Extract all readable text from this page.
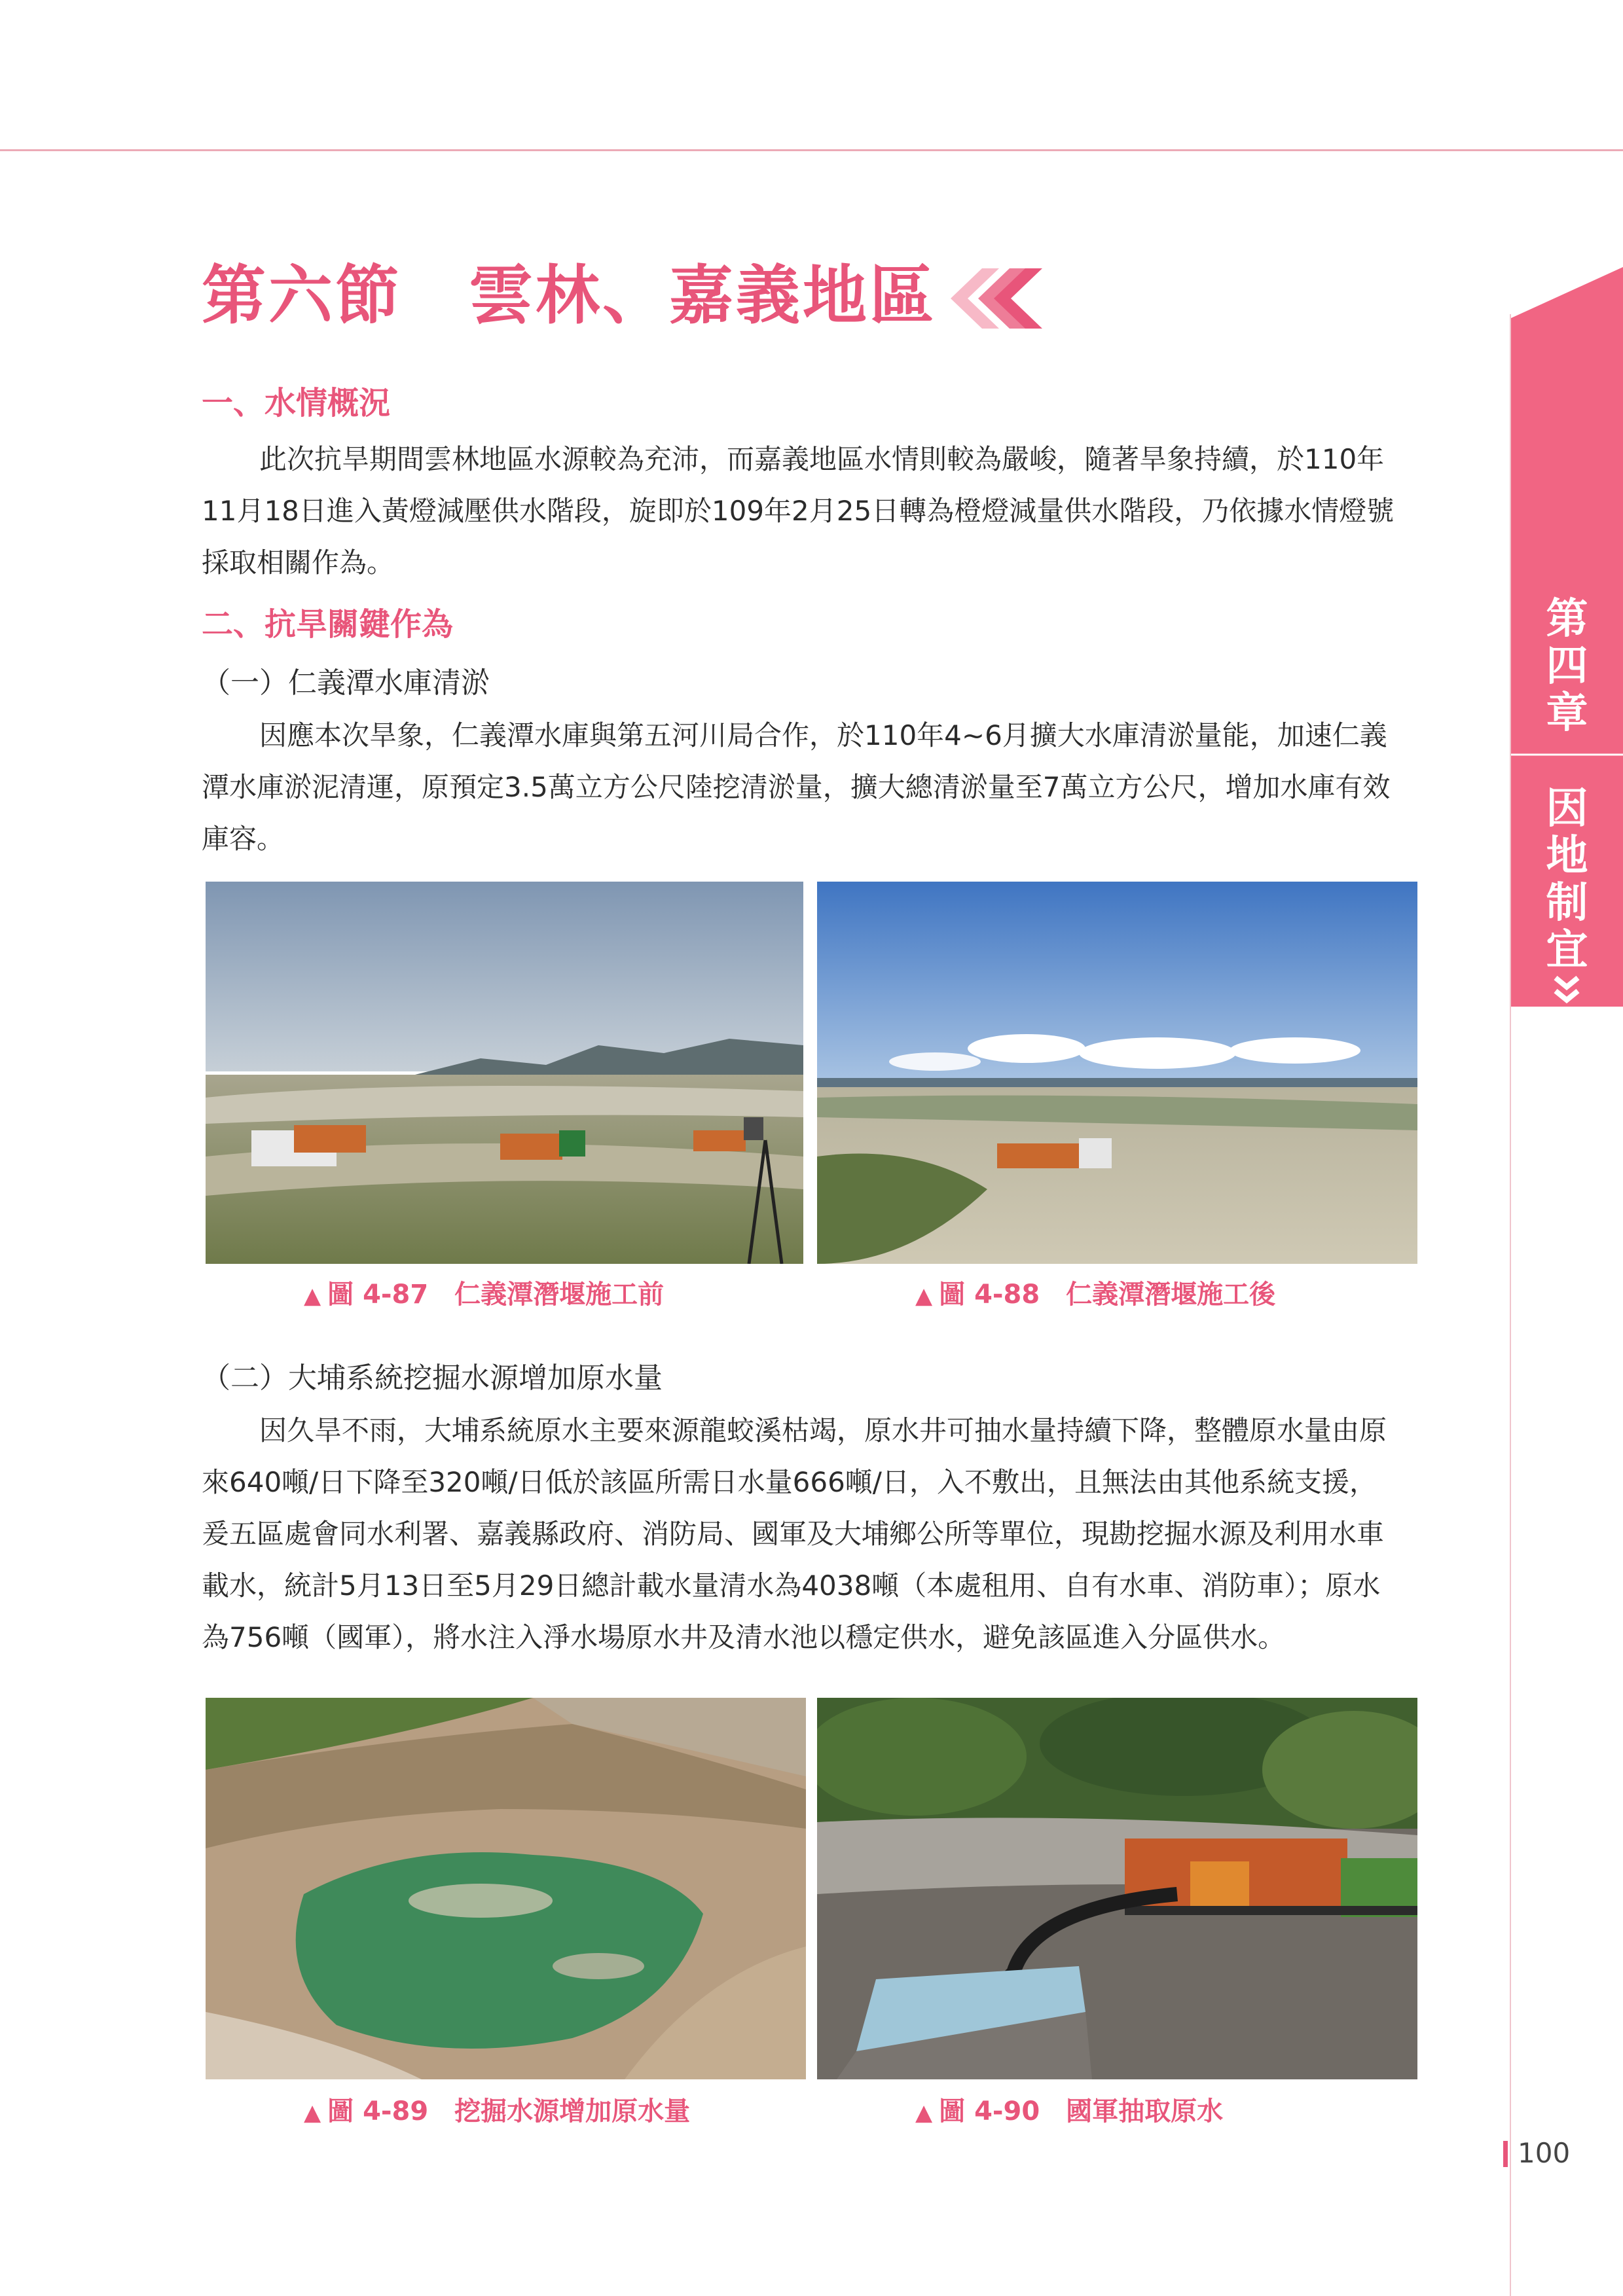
第四章
因地制宜
第六節　雲林、嘉義地區
一、水情概況
此次抗旱期間雲林地區水源較為充沛，而嘉義地區水情則較為嚴峻，隨著旱象持續，於110年
11月18日進入黃燈減壓供水階段，旋即於109年2月25日轉為橙燈減量供水階段，乃依據水情燈號
採取相關作為。
二、抗旱關鍵作為
（一）仁義潭水庫清淤
因應本次旱象，仁義潭水庫與第五河川局合作，於110年4~6月擴大水庫清淤量能，加速仁義
潭水庫淤泥清運，原預定3.5萬立方公尺陸挖清淤量，擴大總清淤量至7萬立方公尺，增加水庫有效
庫容。
▲ 圖 4-87　仁義潭潛堰施工前	▲ 圖 4-88　仁義潭潛堰施工後
（二）大埔系統挖掘水源增加原水量
因久旱不雨，大埔系統原水主要來源龍蛟溪枯竭，原水井可抽水量持續下降，整體原水量由原
來640噸/日下降至320噸/日低於該區所需日水量666噸/日，入不敷出，且無法由其他系統支援，
爰五區處會同水利署、嘉義縣政府、消防局、國軍及大埔鄉公所等單位，現勘挖掘水源及利用水車
載水，統計5月13日至5月29日總計載水量清水為4038噸（本處租用、自有水車、消防車）；原水
為756噸（國軍），將水注入淨水場原水井及清水池以穩定供水，避免該區進入分區供水。
▲ 圖 4-89　挖掘水源增加原水量	▲ 圖 4-90　國軍抽取原水
100
